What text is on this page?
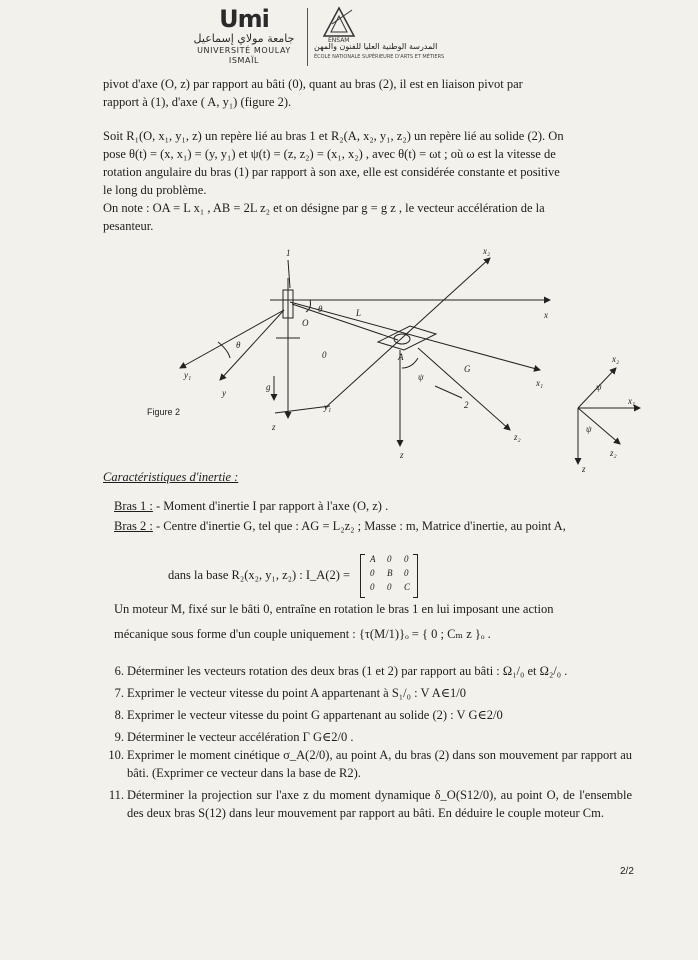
Umi
جامعة مولاي إسماعيل
UNIVERSITÉ MOULAY ISMAÏL
ENSAM
المدرسة الوطنية العليا للفنون والمهن
ÉCOLE NATIONALE SUPÉRIEURE D'ARTS ET MÉTIERS
pivot d'axe (O, z) par rapport au bâti (0), quant au bras (2), il est en liaison pivot par
rapport à (1), d'axe ( A, y₁) (figure 2).
Soit R₁(O, x₁, y₁, z) un repère lié au bras 1 et R₂(A, x₂, y₁, z₂) un repère lié au solide (2). On
pose θ(t) = (x, x₁) = (y, y₁) et ψ(t) = (z, z₂) = (x₁, x₂) , avec θ(t) = ωt ; où ω est la vitesse de
rotation angulaire du bras (1) par rapport à son axe, elle est considérée constante et positive
le long du problème.
On note : OA = L x₁ , AB = 2L z₂ et on désigne par g = g z , le vecteur accélération de la
pesanteur.
x₂
x
x₁
z₂
z
z
y₁
y
y₁
g
O
A
G
L
θ
θ
ψ
1
2
0	x₂
x₁
z
z₂
ψ
ψ
Figure 2
Caractéristiques d'inertie :
Bras 1 : - Moment d'inertie I par rapport à l'axe (O, z) .
Bras 2 : - Centre d'inertie G, tel que : AG = L₂z₂ ; Masse : m, Matrice d'inertie, au point A,
dans la base R₂(x₂, y₁, z₂) : I_A(2) =
A 0 0
0 B 0
0 0 C
Un moteur M, fixé sur le bâti 0, entraîne en rotation le bras 1 en lui imposant une action
mécanique sous forme d'un couple uniquement : {τ(M/1)}ₒ = { 0 ; Cₘ z }ₒ .
6. Déterminer les vecteurs rotation des deux bras (1 et 2) par rapport au bâti : Ω₁/₀ et Ω₂/₀ .
7. Exprimer le vecteur vitesse du point A appartenant à S₁/₀ : V A∈1/0
8. Exprimer le vecteur vitesse du point G appartenant au solide (2) : V G∈2/0
9. Déterminer le vecteur accélération Γ G∈2/0 .
10. Exprimer le moment cinétique σ_A(2/0), au point A, du bras (2) dans son mouvement par rapport au bâti. (Exprimer ce vecteur dans la base de R2).
11. Déterminer la projection sur l'axe z du moment dynamique δ_O(S12/0), au point O, de l'ensemble des deux bras S(12) dans leur mouvement par rapport au bâti. En déduire le couple moteur Cm.
2/2
